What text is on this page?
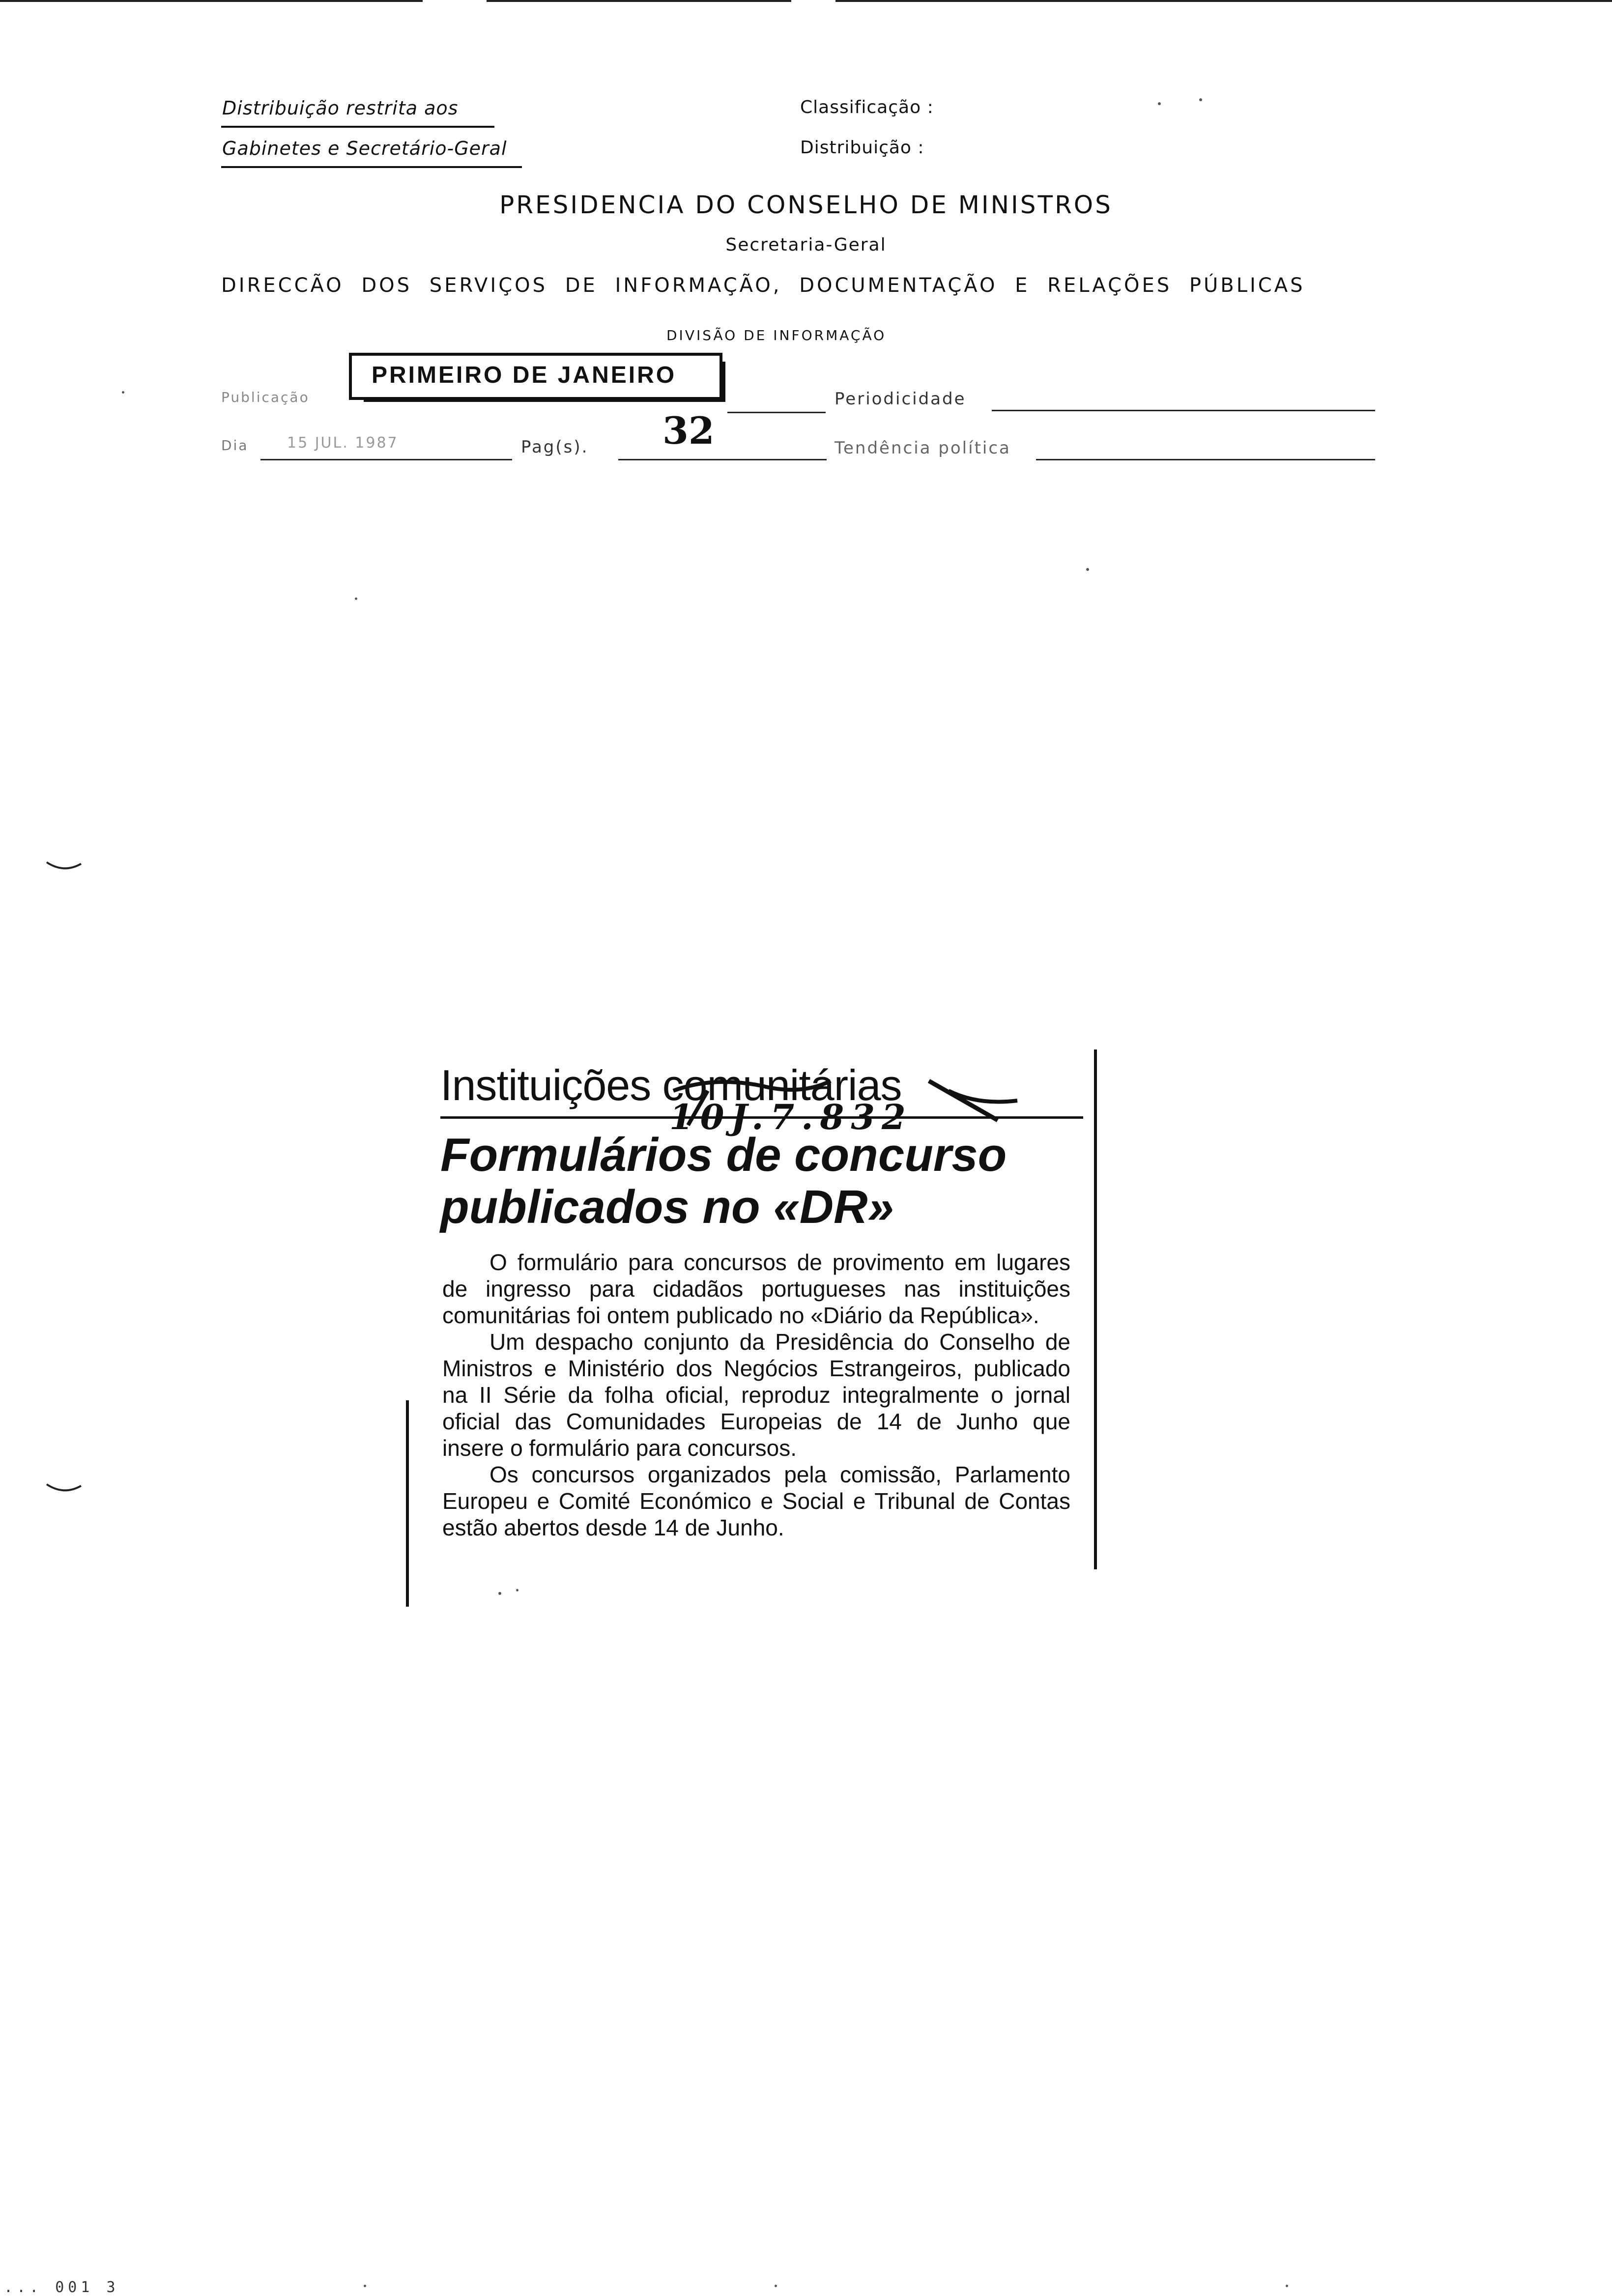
Distribuição restrita aos
Gabinetes e Secretário-Geral
Classificação :
Distribuição :
PRESIDENCIA DO CONSELHO DE MINISTROS
Secretaria-Geral
DIRECCÃO DOS SERVIÇOS DE INFORMAÇÃO, DOCUMENTAÇÃO E RELAÇÕES PÚBLICAS
DIVISÃO DE INFORMAÇÃO
Publicação	Periodicidade
Dia	15 JUL. 1987	Pag(s). 32	Tendência política
PRIMEIRO DE JANEIRO
Instituições comunitárias
10J.7.832
Formulários de concurso
publicados no «DR»

O formulário para concursos de provimento em lugares de ingresso para cidadãos portugueses nas instituições comunitárias foi ontem publicado no «Diário da República».

Um despacho conjunto da Presidência do Conselho de Ministros e Ministério dos Negócios Estrangeiros, publicado na II Série da folha oficial, reproduz integralmente o jornal oficial das Comunidades Europeias de 14 de Junho que insere o formulário para concursos.

Os concursos organizados pela comissão, Parlamento Europeu e Comité Económico e Social e Tribunal de Contas estão abertos desde 14 de Junho.

... 001 3
